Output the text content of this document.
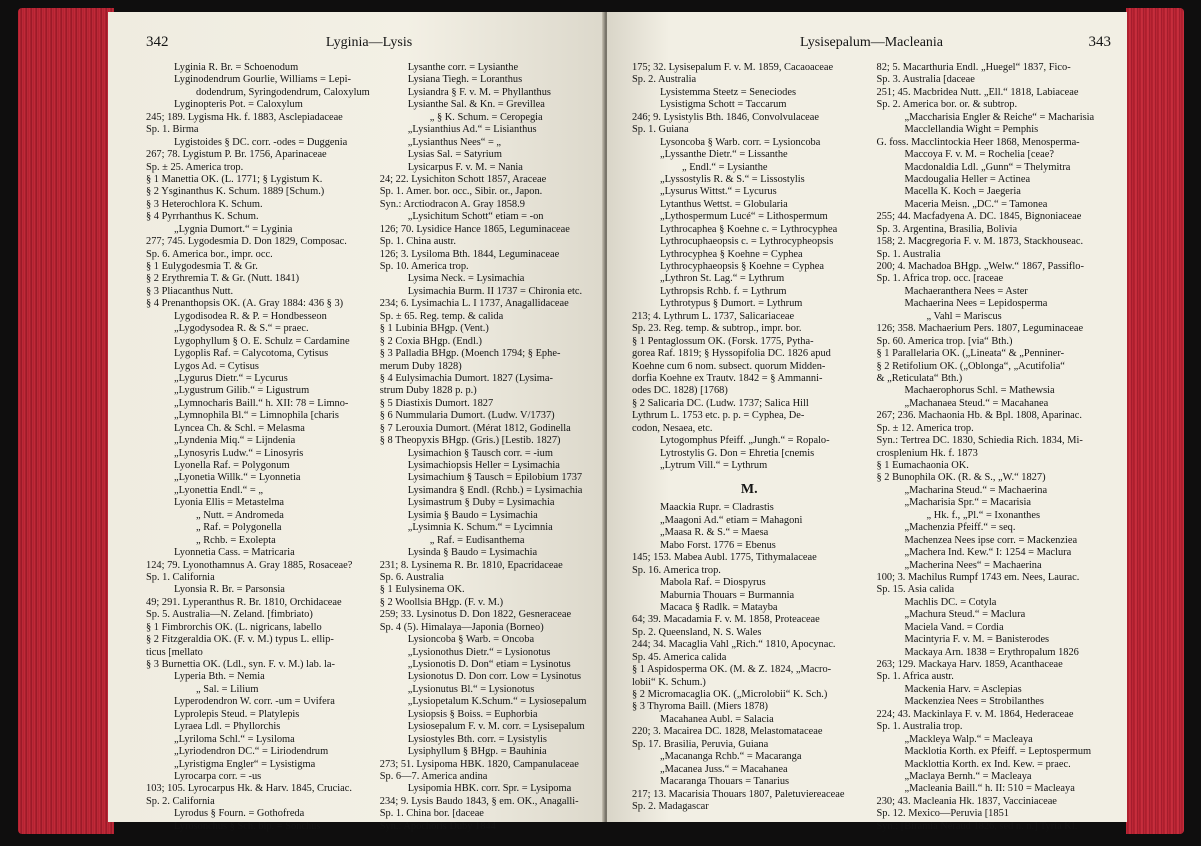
342	Lyginia—Lysis
Lyginia R. Br. = Schoenodum
Lyginodendrum Gourlie, Williams = Lepi-
dodendrum, Syringodendrum, Caloxylum
Lyginopteris Pot. = Caloxylum
245; 189. Lygisma Hk. f. 1883, Asclepiadaceae
Sp. 1. Birma
Lygistoides § DC. corr. -odes = Duggenia
267; 78. Lygistum P. Br. 1756, Aparinaceae
Sp. ± 25. America trop.
§ 1 Manettia OK. (L. 1771; § Lygistum K.
§ 2 Ysginanthus K. Schum. 1889 [Schum.)
§ 3 Heterochlora K. Schum.
§ 4 Pyrrhanthus K. Schum.
„Lygnia Dumort.“ = Lyginia
277; 745. Lygodesmia D. Don 1829, Composac.
Sp. 6. America bor., impr. occ.
§ 1 Eulygodesmia T. & Gr.
§ 2 Erythremia T. & Gr. (Nutt. 1841)
§ 3 Pliacanthus Nutt.
§ 4 Prenanthopsis OK. (A. Gray 1884: 436 § 3)
Lygodisodea R. & P. = Hondbesseon
„Lygodysodea R. & S.“ = praec.
Lygophyllum § O. E. Schulz = Cardamine
Lygoplis Raf. = Calycotoma, Cytisus
Lygos Ad. = Cytisus
„Lygurus Dietr.“ = Lycurus
„Lygustrum Gilib.“ = Ligustrum
„Lymnocharis Baill.“ h. XII: 78 = Limno-
„Lymnophila Bl.“ = Limnophila [charis
Lyncea Ch. & Schl. = Melasma
„Lyndenia Miq.“ = Lijndenia
„Lynosyris Ludw.“ = Linosyris
Lyonella Raf. = Polygonum
„Lyonetia Willk.“ = Lyonnetia
„Lyonettia Endl.“ = „
Lyonia Ellis = Metastelma
„ Nutt. = Andromeda
„ Raf. = Polygonella
„ Rchb. = Exolepta
Lyonnetia Cass. = Matricaria
124; 79. Lyonothamnus A. Gray 1885, Rosaceae?
Sp. 1. California
Lyonsia R. Br. = Parsonsia
49; 291. Lyperanthus R. Br. 1810, Orchidaceae
Sp. 5. Australia—N. Zeland. [fimbriato)
§ 1 Fimbrorchis OK. (L. nigricans, labello
§ 2 Fitzgeraldia OK. (F. v. M.) typus L. ellip-
ticus [mellato
§ 3 Burnettia OK. (Ldl., syn. F. v. M.) lab. la-
Lyperia Bth. = Nemia
„ Sal. = Lilium
Lyperodendron W. corr. -um = Uvifera
Lyprolepis Steud. = Platylepis
Lyraea Ldl. = Phyllorchis
„Lyriloma Schl.“ = Lysiloma
„Lyriodendron DC.“ = Liriodendrum
„Lyristigma Engler“ = Lysistigma
Lyrocarpa corr. = -us
103; 105. Lyrocarpus Hk. & Harv. 1845, Cruciac.
Sp. 2. California
Lyrodus § Fourn. = Gothofreda
Lyrosonchus § Sch. bip. = Sonchus
Lysanthe corr. = Lysianthe
Lysiana Tiegh. = Loranthus
Lysiandra § F. v. M. = Phyllanthus
Lysianthe Sal. & Kn. = Grevillea
„ § K. Schum. = Ceropegia
„Lysianthius Ad.“ = Lisianthus
„Lysianthus Nees“ = „
Lysias Sal. = Satyrium
Lysicarpus F. v. M. = Nania
24; 22. Lysichiton Schott 1857, Araceae
Sp. 1. Amer. bor. occ., Sibir. or., Japon.
Syn.: Arctiodracon A. Gray 1858.9
„Lysichitum Schott“ etiam = -on
126; 70. Lysidice Hance 1865, Leguminaceae
Sp. 1. China austr.
126; 3. Lysiloma Bth. 1844, Leguminaceae
Sp. 10. America trop.
Lysima Neck. = Lysimachia
Lysimachia Burm. II 1737 = Chironia etc.
234; 6. Lysimachia L. I 1737, Anagallidaceae
Sp. ± 65. Reg. temp. & calida
§ 1 Lubinia BHgp. (Vent.)
§ 2 Coxia BHgp. (Endl.)
§ 3 Palladia BHgp. (Moench 1794; § Ephe-
merum Duby 1828)
§ 4 Eulysimachia Dumort. 1827 (Lysima-
strum Duby 1828 p. p.)
§ 5 Diastixis Dumort. 1827
§ 6 Nummularia Dumort. (Ludw. V/1737)
§ 7 Lerouxia Dumort. (Mérat 1812, Godinella
§ 8 Theopyxis BHgp. (Gris.) [Lestib. 1827)
Lysimachion § Tausch corr. = -ium
Lysimachiopsis Heller = Lysimachia
Lysimachium § Tausch = Epilobium 1737
Lysimandra § Endl. (Rchb.) = Lysimachia
Lysimastrum § Duby = Lysimachia
Lysimia § Baudo = Lysimachia
„Lysimnia K. Schum.“ = Lycimnia
„ Raf. = Eudisanthema
Lysinda § Baudo = Lysimachia
231; 8. Lysinema R. Br. 1810, Epacridaceae
Sp. 6. Australia
§ 1 Eulysinema OK.
§ 2 Woollsia BHgp. (F. v. M.)
259; 33. Lysinotus D. Don 1822, Gesneraceae
Sp. 4 (5). Himalaya—Japonia (Borneo)
Lysioncoba § Warb. = Oncoba
„Lysionothus Dietr.“ = Lysionotus
„Lysionotis D. Don“ etiam = Lysinotus
Lysionotus D. Don corr. Low = Lysinotus
„Lysionutus Bl.“ = Lysionotus
„Lysiopetalum K.Schum.“ = Lysiosepalum
Lysiopsis § Boiss. = Euphorbia
Lysiosepalum F. v. M. corr. = Lysisepalum
Lysiostyles Bth. corr. = Lysistylis
Lysiphyllum § BHgp. = Bauhinia
273; 51. Lysipoma HBK. 1820, Campanulaceae
Sp. 6—7. America andina
Lysipomia HBK. corr. Spr. = Lysipoma
234; 9. Lysis Baudo 1843, § em. OK., Anagalli-
Sp. 1. China bor. [daceae
Syn.: Apochoris Duby 1844
Lysisepalum—Macleania	343
175; 32. Lysisepalum F. v. M. 1859, Cacaoaceae
Sp. 2. Australia
Lysistemma Steetz = Seneciodes
Lysistigma Schott = Taccarum
246; 9. Lysistylis Bth. 1846, Convolvulaceae
Sp. 1. Guiana
Lysoncoba § Warb. corr. = Lysioncoba
„Lyssanthe Dietr.“ = Lissanthe
„ Endl.“ = Lysianthe
„Lyssostylis R. & S.“ = Lissostylis
„Lysurus Wittst.“ = Lycurus
Lytanthus Wettst. = Globularia
„Lythospermum Lucé“ = Lithospermum
Lythrocaphea § Koehne c. = Lythrocyphea
Lythrocuphaeopsis c. = Lythrocypheopsis
Lythrocyphea § Koehne = Cyphea
Lythrocyphaeopsis § Koehne = Cyphea
„Lythron St. Lag.“ = Lythrum
Lythropsis Rchb. f. = Lythrum
Lythrotypus § Dumort. = Lythrum
213; 4. Lythrum L. 1737, Salicariaceae
Sp. 23. Reg. temp. & subtrop., impr. bor.
§ 1 Pentaglossum OK. (Forsk. 1775, Pytha-
gorea Raf. 1819; § Hyssopifolia DC. 1826 apud
Koehne cum 6 nom. subsect. quorum Midden-
dorfia Koehne ex Trautv. 1842 = § Ammanni-
odes DC. 1828) [1768)
§ 2 Salicaria DC. (Ludw. 1737; Salica Hill
Lythrum L. 1753 etc. p. p. = Cyphea, De-
codon, Nesaea, etc.
Lytogomphus Pfeiff. „Jungh.“ = Ropalo-
Lytrostylis G. Don = Ehretia [cnemis
„Lytrum Vill.“ = Lythrum
M.
Maackia Rupr. = Cladrastis
„Maagoni Ad.“ etiam = Mahagoni
„Maasa R. & S.“ = Maesa
Mabo Forst. 1776 = Ebenus
145; 153. Mabea Aubl. 1775, Tithymalaceae
Sp. 16. America trop.
Mabola Raf. = Diospyrus
Maburnia Thouars = Burmannia
Macaca § Radlk. = Matayba
64; 39. Macadamia F. v. M. 1858, Proteaceae
Sp. 2. Queensland, N. S. Wales
244; 34. Macaglia Vahl „Rich.“ 1810, Apocynac.
Sp. 45. America calida
§ 1 Aspidosperma OK. (M. & Z. 1824, „Macro-
lobii“ K. Schum.)
§ 2 Micromacaglia OK. („Microlobii“ K. Sch.)
§ 3 Thyroma Baill. (Miers 1878)
Macahanea Aubl. = Salacia
220; 3. Macairea DC. 1828, Melastomataceae
Sp. 17. Brasilia, Peruvia, Guiana
„Macananga Rchb.“ = Macaranga
„Macanea Juss.“ = Macahanea
Macaranga Thouars = Tanarius
217; 13. Macarisia Thouars 1807, Paletuviereaceae
Sp. 2. Madagascar
82; 5. Macarthuria Endl. „Huegel“ 1837, Fico-
Sp. 3. Australia [daceae
251; 45. Macbridea Nutt. „Ell.“ 1818, Labiaceae
Sp. 2. America bor. or. & subtrop.
„Maccharisia Engler & Reiche“ = Macharisia
Macclellandia Wight = Pemphis
G. foss. Macclintockia Heer 1868, Menosperma-
Maccoya F. v. M. = Rochelia [ceae?
Macdonaldia Ldl. „Gunn“ = Thelymitra
Macdougalia Heller = Actinea
Macella K. Koch = Jaegeria
Maceria Meisn. „DC.“ = Tamonea
255; 44. Macfadyena A. DC. 1845, Bignoniaceae
Sp. 3. Argentina, Brasilia, Bolivia
158; 2. Macgregoria F. v. M. 1873, Stackhouseac.
Sp. 1. Australia
200; 4. Machadoa BHgp. „Welw.“ 1867, Passiflo-
Sp. 1. Africa trop. occ. [raceae
Machaeranthera Nees = Aster
Machaerina Nees = Lepidosperma
„ Vahl = Mariscus
126; 358. Machaerium Pers. 1807, Leguminaceae
Sp. 60. America trop. [via“ Bth.)
§ 1 Parallelaria OK. („Lineata“ & „Penniner-
§ 2 Retifolium OK. („Oblonga“, „Acutifolia“
& „Reticulata“ Bth.)
Machaerophorus Schl. = Mathewsia
„Machanaea Steud.“ = Macahanea
267; 236. Machaonia Hb. & Bpl. 1808, Aparinac.
Sp. ± 12. America trop.
Syn.: Tertrea DC. 1830, Schiedia Rich. 1834, Mi-
crosplenium Hk. f. 1873
§ 1 Eumachaonia OK.
§ 2 Bunophila OK. (R. & S., „W.“ 1827)
„Macharina Steud.“ = Machaerina
„Macharisia Spr.“ = Macarisia
„ Hk. f., „Pl.“ = Ixonanthes
„Machenzia Pfeiff.“ = seq.
Machenzea Nees ipse corr. = Mackenziea
„Machera Ind. Kew.“ I: 1254 = Maclura
„Macherina Nees“ = Machaerina
100; 3. Machilus Rumpf 1743 em. Nees, Laurac.
Sp. 15. Asia calida
Machlis DC. = Cotyla
„Machura Steud.“ = Maclura
Maciela Vand. = Cordia
Macintyria F. v. M. = Banisterodes
Mackaya Arn. 1838 = Erythropalum 1826
263; 129. Mackaya Harv. 1859, Acanthaceae
Sp. 1. Africa austr.
Mackenia Harv. = Asclepias
Mackenziea Nees = Strobilanthes
224; 43. Mackinlaya F. v. M. 1864, Hederaceae
Sp. 1. Australia trop.
„Mackleya Walp.“ = Macleaya
Macklotia Korth. ex Pfeiff. = Leptospermum
Macklottia Korth. ex Ind. Kew. = praec.
„Maclaya Bernh.“ = Macleaya
„Macleania Baill.“ h. II: 510 = Macleaya
230; 43. Macleania Hk. 1837, Vacciniaceae
Sp. 12. Mexico—Peruvia [1851
Syn.: [Biramia Néraud 1826, sed n. n.] Tyria Kl.
